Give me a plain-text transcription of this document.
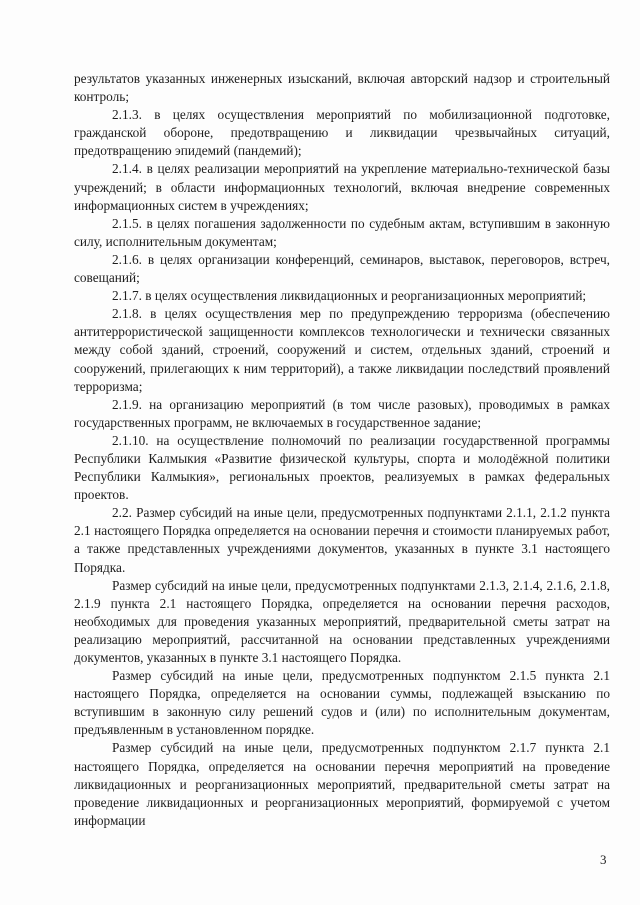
результатов указанных инженерных изысканий, включая авторский надзор и строительный контроль;

2.1.3. в целях осуществления мероприятий по мобилизационной подготовке, гражданской обороне, предотвращению и ликвидации чрезвычайных ситуаций, предотвращению эпидемий (пандемий);

2.1.4. в целях реализации мероприятий на укрепление материально-технической базы учреждений; в области информационных технологий, включая внедрение современных информационных систем в учреждениях;

2.1.5. в целях погашения задолженности по судебным актам, вступившим в законную силу, исполнительным документам;

2.1.6. в целях организации конференций, семинаров, выставок, переговоров, встреч, совещаний;

2.1.7. в целях осуществления ликвидационных и реорганизационных мероприятий;

2.1.8. в целях осуществления мер по предупреждению терроризма (обеспечению антитеррористической защищенности комплексов технологически и технически связанных между собой зданий, строений, сооружений и систем, отдельных зданий, строений и сооружений, прилегающих к ним территорий), а также ликвидации последствий проявлений терроризма;

2.1.9. на организацию мероприятий (в том числе разовых), проводимых в рамках государственных программ, не включаемых в государственное задание;

2.1.10. на осуществление полномочий по реализации государственной программы Республики Калмыкия «Развитие физической культуры, спорта и молодёжной политики Республики Калмыкия», региональных проектов, реализуемых в рамках федеральных проектов.

2.2. Размер субсидий на иные цели, предусмотренных подпунктами 2.1.1, 2.1.2 пункта 2.1 настоящего Порядка определяется на основании перечня и стоимости планируемых работ, а также представленных учреждениями документов, указанных в пункте 3.1 настоящего Порядка.

Размер субсидий на иные цели, предусмотренных подпунктами 2.1.3, 2.1.4, 2.1.6, 2.1.8, 2.1.9 пункта 2.1 настоящего Порядка, определяется на основании перечня расходов, необходимых для проведения указанных мероприятий, предварительной сметы затрат на реализацию мероприятий, рассчитанной на основании представленных учреждениями документов, указанных в пункте 3.1 настоящего Порядка.

Размер субсидий на иные цели, предусмотренных подпунктом 2.1.5 пункта 2.1 настоящего Порядка, определяется на основании суммы, подлежащей взысканию по вступившим в законную силу решений судов и (или) по исполнительным документам, предъявленным в установленном порядке.

Размер субсидий на иные цели, предусмотренных подпунктом 2.1.7 пункта 2.1 настоящего Порядка, определяется на основании перечня мероприятий на проведение ликвидационных и реорганизационных мероприятий, предварительной сметы затрат на проведение ликвидационных и реорганизационных мероприятий, формируемой с учетом информации

3
